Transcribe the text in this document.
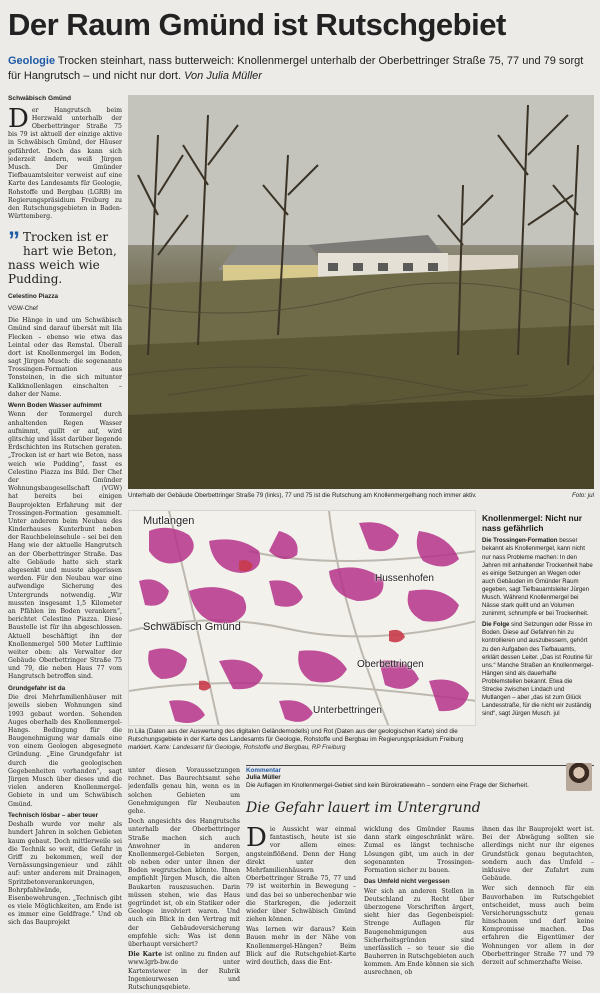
Der Raum Gmünd ist Rutschgebiet
Geologie Trocken steinhart, nass butterweich: Knollenmergel unterhalb der Oberbettringer Straße 75, 77 und 79 sorgt für Hangrutsch – und nicht nur dort. Von Julia Müller
Schwäbisch Gmünd

Der Hangrutsch beim Herzwald unterhalb der Oberbettringer Straße 75 bis 79 ist aktuell der einzige aktive in Schwäbisch Gmünd, der Häuser gefährdet. Doch das kann sich jederzeit ändern, weiß Jürgen Musch. Der Gmünder Tiefbauamtsleiter verweist auf eine Karte des Landesamts für Geologie, Rohstoffe und Bergbau (LGRB) im Regierungspräsidium Freiburg zu den Rutschungsgebieten in Baden-Württemberg.

” Trocken ist er hart wie Beton, nass weich wie Pudding.
Celestino Piazza
VGW-Chef

Die Hänge in und um Schwäbisch Gmünd sind darauf übersät mit lila Flecken – ebenso wie etwa das Leintal oder das Remstal. Überall dort ist Knollenmergel im Boden, sagt Jürgen Musch: die sogenannte Trossingen-Formation aus Tonsteinen, in die sich mitunter Kalkknollenlagen einschalten – daher der Name.

Wenn Boden Wasser aufnimmt

Wenn der Tonmergel durch anhaltenden Regen Wasser aufnimmt, quillt er auf, wird glitschig und lässt darüber liegende Erdschichten ins Rutschen geraten. „Trocken ist er hart wie Beton, nass weich wie Pudding“, fasst es Celestino Piazza ins Bild. Der Chef der Gmünder Wohnungsbaugesellschaft (VGW) hat bereits bei einigen Bauprojekten Erfahrung mit der Trossingen-Formation gesammelt. Unter anderem beim Neubau des Kinderhauses Kunterbunt neben der Rauchbeleinsehule – sei bei den Hang wie der aktuelle Hangrutsch an der Oberbettringer Straße. Das alte Gebäude hatte sich stark abgesenkt und musste abgerissen werden. Für den Neubau war eine aufwendige Sicherung des Untergrunds notwendig. „Wir mussten insgesamt 1,5 Kilometer an Pfählen im Boden verankern“, berichtet Celestino Piazza. Diese Baustelle ist für ihn abgeschlossen. Aktuell beschäftigt ihn der Knollenmergel 500 Meter Luftlinie weiter oben: als Verwalter der Gebäude Oberbettringer Straße 75 und 79, die neben Haus 77 vom Hangrutsch betroffen sind.

Grundgefahr ist da

Die drei Mehrfamilienhäuser mit jeweils sieben Wohnungen sind 1993 gebaut worden. Sehenden Auges oberhalb des Knollenmergel-Hangs. Bedingung für die Baugenehmigung war damals eine von einem Geologen abgesegnete Gründung. „Eine Grundgefahr ist durch die geologischen Gegebenheiten vorhanden“, sagt Jürgen Musch über dieses und die vielen anderen Knollenmergel-Gebiete in und um Schwäbisch Gmünd.

Technisch lösbar – aber teuer

Deshalb wurde vor mehr als hundert Jahren in solchen Gebieten kaum gebaut. Doch mittlerweile sei die Technik so weit, die Gefahr in Griff zu bekommen, weil der Vernässungsingenieur und zählt auf: unter anderem mit Drainagen, Spritzbetonverankerungen, Bohrpfahlwände, Eisenbewehrungen. „Technisch gibt es viele Möglichkeiten, am Ende ist es immer eine Geldfrage.“ Und ob sich das Bauprojekt

Unterhalb der Gebäude Oberbettringer Straße 79 (links), 77 und 75 ist die Rutschung am Knollenmergelhang noch immer aktiv.	Foto: jul
Mutlangen
Hussenhofen
Schwäbisch Gmünd
Oberbettringen
Unterbettringen
In Lila (Daten aus der Auswertung des digitalen Geländemodells) und Rot (Daten aus der geologischen Karte) sind die Rutschungsgebiete in der Karte des Landesamts für Geologie, Rohstoffe und Bergbau im Regierungspräsidium Freiburg markiert. Karte: Landesamt für Geologie, Rohstoffe und Bergbau, RP Freiburg
Knollenmergel: Nicht nur nass gefährlich

Die Trossingen-Formation besser bekannt als Knollenmergel, kann nicht nur nass Probleme machen: In den Jahren mit anhaltender Trockenheit habe es einige Setzungen an Wegen oder auch Gebäuden im Gmünder Raum gegeben, sagt Tiefbauamtsleiter Jürgen Musch. Während Knollenmergel bei Nässe stark quillt und an Volumen zunimmt, schrumpfe er bei Trockenheit.

Die Folge sind Setzungen oder Risse im Boden. Diese auf Gefahren hin zu kontrollieren und auszubessern, gehört zu den Aufgaben des Tiefbauamts, erklärt dessen Leiter. „Das ist Routine für uns.“ Manche Straßen an Knollenmergel-Hängen sind als dauerhafte Problemstellen bekannt. Etwa die Strecke zwischen Lindach und Mutlangen – aber „das ist zum Glück Landesstraße, für die nicht wir zuständig sind“, sagt Jürgen Musch. jul

unter diesen Voraussetzungen rechnet. Das Baurechtsamt sehe jedenfalls genau hin, wenn es in solchen Gebieten um Genehmigungen für Neubauten gehe.

Doch angesichts des Hangrutschs unterhalb der Oberbettringer Straße machen sich auch Anwohner in anderen Knollenmergel-Gebieten Sorgen, ob neben oder unter ihnen der Boden wegrutschen könnte. Ihnen empfiehlt Jürgen Musch, die alten Baukarten rauszusuchen. Darin müssen stehen, wie das Haus gegründet ist, ob ein Statiker oder Geologe involviert waren. Und auch ein Blick in den Vertrag mit der Gebäudeversicherung empfehle sich: Was ist denn überhaupt versichert?

Die Karte ist online zu finden auf www.lgrb-bw.de unter Kartenviewer in der Rubrik Ingenieurwesen und Rutschungsgebiete.

Kommentar
Julia Müller
Die Auflagen im Knollenmergel-Gebiet sind kein Bürokratiewahn – sondern eine Frage der Sicherheit.
Die Gefahr lauert im Untergrund

Die Aussicht war einmal fantastisch, heute ist sie vor allem eines: angsteinflößend. Denn der Hang direkt unter den Mehrfamilienhäusern Oberbettringer Straße 75, 77 und 79 ist weiterhin in Bewegung – und das bei so unberechenbar wie die Starkregen, die jederzeit wieder über Schwäbisch Gmünd ziehen können.

Was lernen wir daraus? Kein Bauen mehr in der Nähe von Knollenmergel-Hängen? Beim Blick auf die Rutschgebiet-Karte wird deutlich, dass die Ent-

wicklung des Gmünder Raums dann stark eingeschränkt wäre. Zumal es längst technische Lösungen gibt, um auch in der sogenannten Trossingen-Formation sicher zu bauen.

Das Umfeld nicht vergessen

Wer sich an anderen Stellen in Deutschland zu Recht über überzogene Vorschriften ärgert, sieht hier das Gegenbeispiel: Strenge Auflagen für Baugenehmigungen aus Sicherheitsgründen sind unerlässlich – so teuer sie die Bauherren in Rutschgebieten auch kommen. Am Ende können sie sich ausrechnen, ob

ihnen das ihr Bauprojekt wert ist. Bei der Abwägung sollten sie allerdings nicht nur ihr eigenes Grundstück genau begutachten, sondern auch das Umfeld – inklusive der Zufahrt zum Gebäude.

Wer sich dennoch für ein Bauvorhaben im Rutschgebiet entscheidet, muss auch beim Versicherungsschutz genau hinschauen und darf keine Kompromisse machen. Das erfahren die Eigentümer der Wohnungen vor allem in der Oberbettringer Straße 77 und 79 derzeit auf schmerzhafte Weise.
